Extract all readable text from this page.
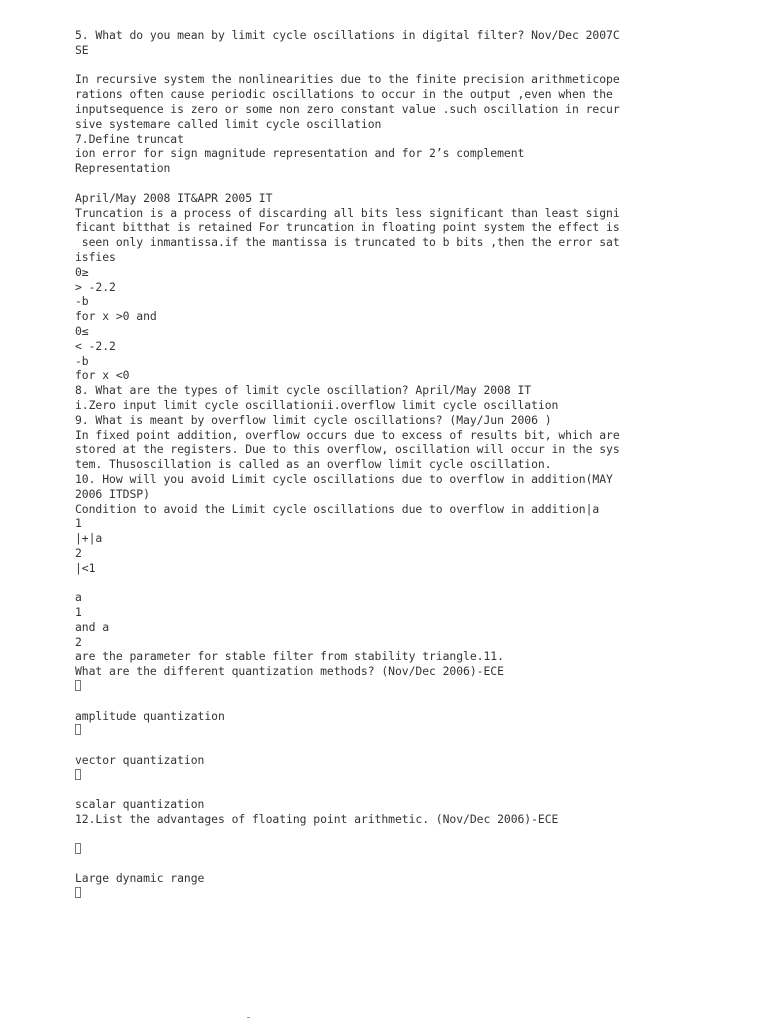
5. What do you mean by limit cycle oscillations in digital filter? Nov/Dec 2007C
SE
In recursive system the nonlinearities due to the finite precision arithmeticope
rations often cause periodic oscillations to occur in the output ,even when the
inputsequence is zero or some non zero constant value .such oscillation in recur
sive systemare called limit cycle oscillation
7.Define truncat
ion error for sign magnitude representation and for 2’s complement
Representation
April/May 2008 IT&APR 2005 IT
Truncation is a process of discarding all bits less significant than least signi
ficant bitthat is retained For truncation in floating point system the effect is
seen only inmantissa.if the mantissa is truncated to b bits ,then the error sat
isfies
0≥
> -2.2
-b
for x >0 and
0≤
< -2.2
-b
for x <0
8. What are the types of limit cycle oscillation? April/May 2008 IT
i.Zero input limit cycle oscillationii.overflow limit cycle oscillation
9. What is meant by overflow limit cycle oscillations? (May/Jun 2006 )
In fixed point addition, overflow occurs due to excess of results bit, which are
stored at the registers. Due to this overflow, oscillation will occur in the sys
tem. Thusoscillation is called as an overflow limit cycle oscillation.
10. How will you avoid Limit cycle oscillations due to overflow in addition(MAY
2006 ITDSP)
Condition to avoid the Limit cycle oscillations due to overflow in addition|a
1
|+|a
2
|<1
a
1
and a
2
are the parameter for stable filter from stability triangle.11.
What are the different quantization methods? (Nov/Dec 2006)-ECE
amplitude quantization
vector quantization
scalar quantization
12.List the advantages of floating point arithmetic. (Nov/Dec 2006)-ECE
Large dynamic range
